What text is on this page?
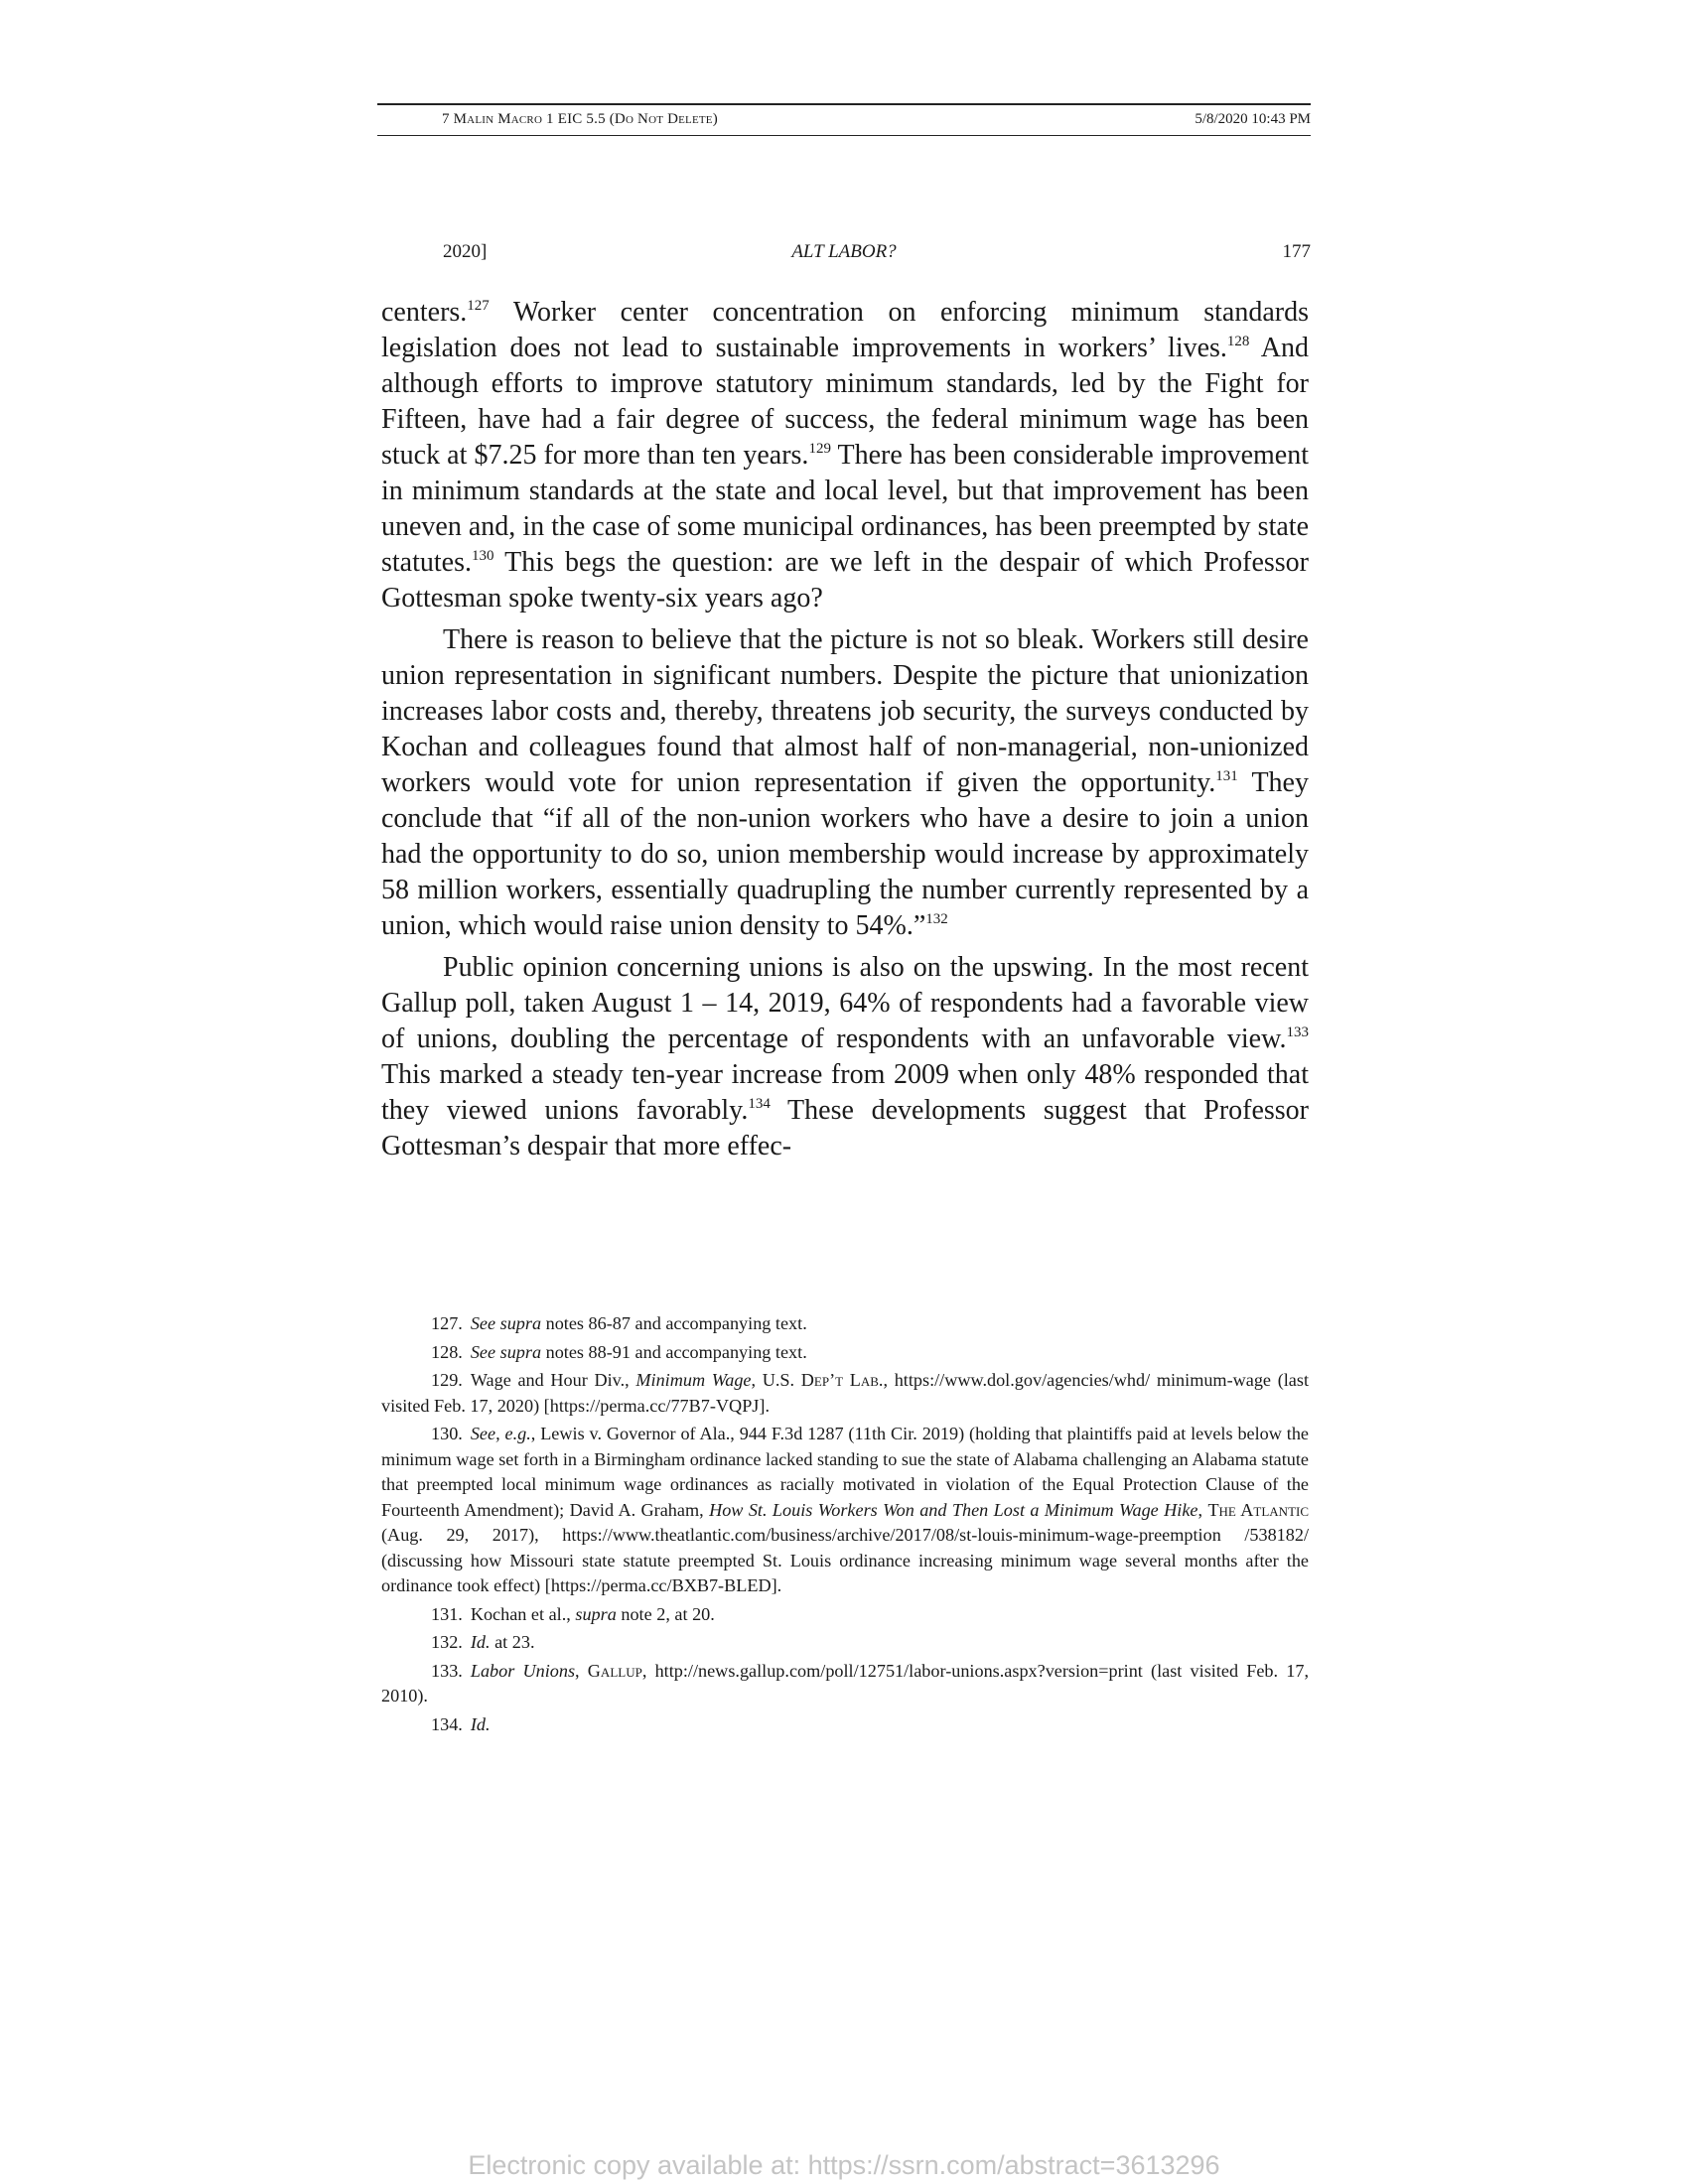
7 Malin Macro 1 EIC 5.5 (Do Not Delete)	5/8/2020 10:43 PM
2020]	ALT LABOR?	177

centers.$^{127}$ Worker center concentration on enforcing minimum standards legislation does not lead to sustainable improvements in workers’ lives.$^{128}$ And although efforts to improve statutory minimum standards, led by the Fight for Fifteen, have had a fair degree of success, the federal minimum wage has been stuck at $7.25 for more than ten years.$^{129}$ There has been considerable improvement in minimum standards at the state and local level, but that improvement has been uneven and, in the case of some municipal ordinances, has been preempted by state statutes.$^{130}$ This begs the question: are we left in the despair of which Professor Gottesman spoke twenty-six years ago?

There is reason to believe that the picture is not so bleak. Workers still desire union representation in significant numbers. Despite the picture that unionization increases labor costs and, thereby, threatens job security, the surveys conducted by Kochan and colleagues found that almost half of non-managerial, non-unionized workers would vote for union representation if given the opportunity.$^{131}$ They conclude that “if all of the non-union workers who have a desire to join a union had the opportunity to do so, union membership would increase by approximately 58 million workers, essentially quadrupling the number currently represented by a union, which would raise union density to 54%.”$^{132}$

Public opinion concerning unions is also on the upswing. In the most recent Gallup poll, taken August 1 – 14, 2019, 64% of respondents had a favorable view of unions, doubling the percentage of respondents with an unfavorable view.$^{133}$ This marked a steady ten-year increase from 2009 when only 48% responded that they viewed unions favorably.$^{134}$ These developments suggest that Professor Gottesman’s despair that more effec-

127. See supra notes 86-87 and accompanying text.
128. See supra notes 88-91 and accompanying text.
129. Wage and Hour Div., Minimum Wage, U.S. Dep’t Lab., https://www.dol.gov/agencies/whd/ minimum-wage (last visited Feb. 17, 2020) [https://perma.cc/77B7-VQPJ].
130. See, e.g., Lewis v. Governor of Ala., 944 F.3d 1287 (11th Cir. 2019) (holding that plaintiffs paid at levels below the minimum wage set forth in a Birmingham ordinance lacked standing to sue the state of Alabama challenging an Alabama statute that preempted local minimum wage ordinances as racially motivated in violation of the Equal Protection Clause of the Fourteenth Amendment); David A. Graham, How St. Louis Workers Won and Then Lost a Minimum Wage Hike, The Atlantic (Aug. 29, 2017), https://www.theatlantic.com/business/archive/2017/08/st-louis-minimum-wage-preemption /538182/ (discussing how Missouri state statute preempted St. Louis ordinance increasing minimum wage several months after the ordinance took effect) [https://perma.cc/BXB7-BLED].
131. Kochan et al., supra note 2, at 20.
132. Id. at 23.
133. Labor Unions, Gallup, http://news.gallup.com/poll/12751/labor-unions.aspx?version=print (last visited Feb. 17, 2010).
134. Id.
Electronic copy available at: https://ssrn.com/abstract=3613296
